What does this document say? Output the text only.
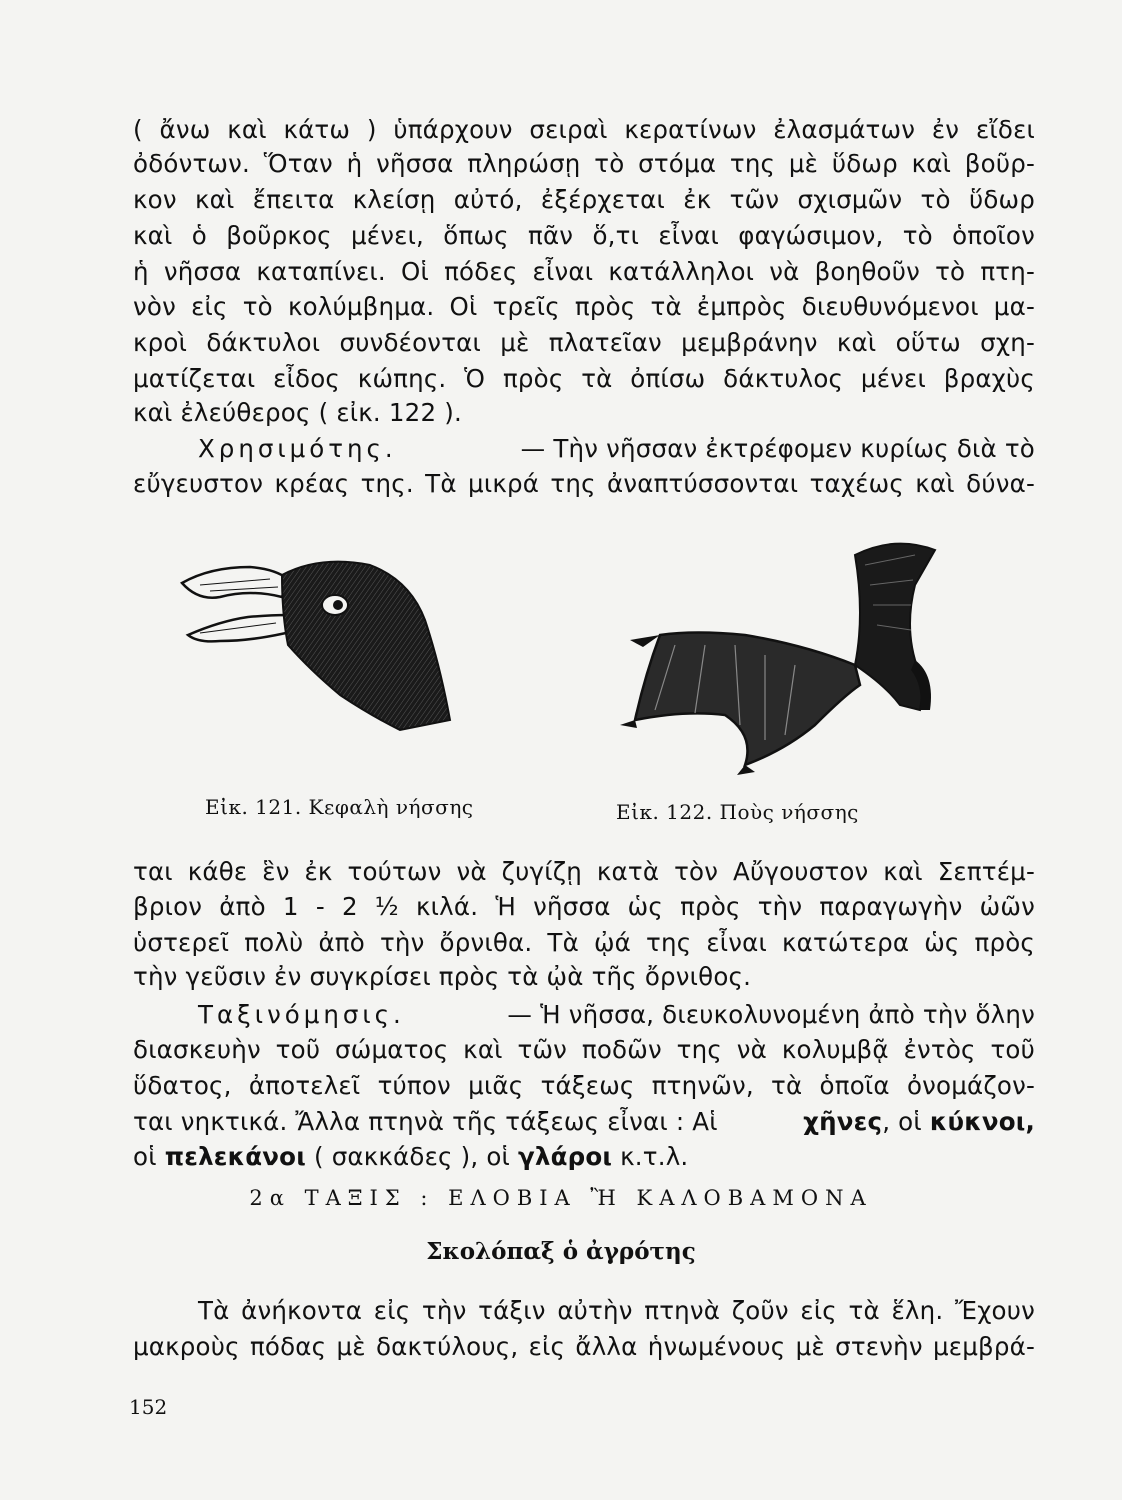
( ἄνω καὶ κάτω ) ὑπάρχουν σειραὶ κερατίνων ἐλασμάτων ἐν εἴδει
ὀδόντων. Ὅταν ἡ νῆσσα πληρώσῃ τὸ στόμα της μὲ ὕδωρ καὶ βοῦρ-
κον καὶ ἔπειτα κλείσῃ αὐτό, ἐξέρχεται ἐκ τῶν σχισμῶν τὸ ὕδωρ
καὶ ὁ βοῦρκος μένει, ὅπως πᾶν ὅ,τι εἶναι φαγώσιμον, τὸ ὁποῖον
ἡ νῆσσα καταπίνει. Οἱ πόδες εἶναι κατάλληλοι νὰ βοηθοῦν τὸ πτη-
νὸν εἰς τὸ κολύμβημα. Οἱ τρεῖς πρὸς τὰ ἐμπρὸς διευθυνόμενοι μα-
κροὶ δάκτυλοι συνδέονται μὲ πλατεῖαν μεμβράνην καὶ οὕτω σχη-
ματίζεται εἶδος κώπης. Ὁ πρὸς τὰ ὀπίσω δάκτυλος μένει βραχὺς
καὶ ἐλεύθερος ( εἰκ. 122 ).
Χρησιμότης.	— Τὴν νῆσσαν ἐκτρέφομεν κυρίως διὰ τὸ
εὔγευστον κρέας της. Τὰ μικρά της ἀναπτύσσονται ταχέως καὶ δύνα-
Εἰκ. 121. Κεφαλὴ νήσσης	Εἰκ. 122. Ποὺς νήσσης
ται κάθε ἓν ἐκ τούτων νὰ ζυγίζῃ κατὰ τὸν Αὔγουστον καὶ Σεπτέμ-
βριον ἀπὸ 1 - 2 ½ κιλά. Ἡ νῆσσα ὡς πρὸς τὴν παραγωγὴν ὠῶν
ὑστερεῖ πολὺ ἀπὸ τὴν ὄρνιθα. Τὰ ᾠά της εἶναι κατώτερα ὡς πρὸς
τὴν γεῦσιν ἐν συγκρίσει πρὸς τὰ ᾠὰ τῆς ὄρνιθος.
Ταξινόμησις.	— Ἡ νῆσσα, διευκολυνομένη ἀπὸ τὴν ὅλην
διασκευὴν τοῦ σώματος καὶ τῶν ποδῶν της νὰ κολυμβᾷ ἐντὸς τοῦ
ὕδατος, ἀποτελεῖ τύπον μιᾶς τάξεως πτηνῶν, τὰ ὁποῖα ὀνομάζον-
ται νηκτικά. Ἄλλα πτηνὰ τῆς τάξεως εἶναι : Αἱ	χῆνες, οἱ κύκνοι,
οἱ πελεκάνοι ( σακκάδες ), οἱ γλάροι κ.τ.λ.
2α ΤΑΞΙΣ : ΕΛΟΒΙΑ Ἢ ΚΑΛΟΒΑΜΟΝΑ
Σκολόπαξ ὁ ἀγρότης
Τὰ ἀνήκοντα εἰς τὴν τάξιν αὐτὴν πτηνὰ ζοῦν εἰς τὰ ἕλη. Ἔχουν
μακροὺς πόδας μὲ δακτύλους, εἰς ἄλλα ἡνωμένους μὲ στενὴν μεμβρά-
152
